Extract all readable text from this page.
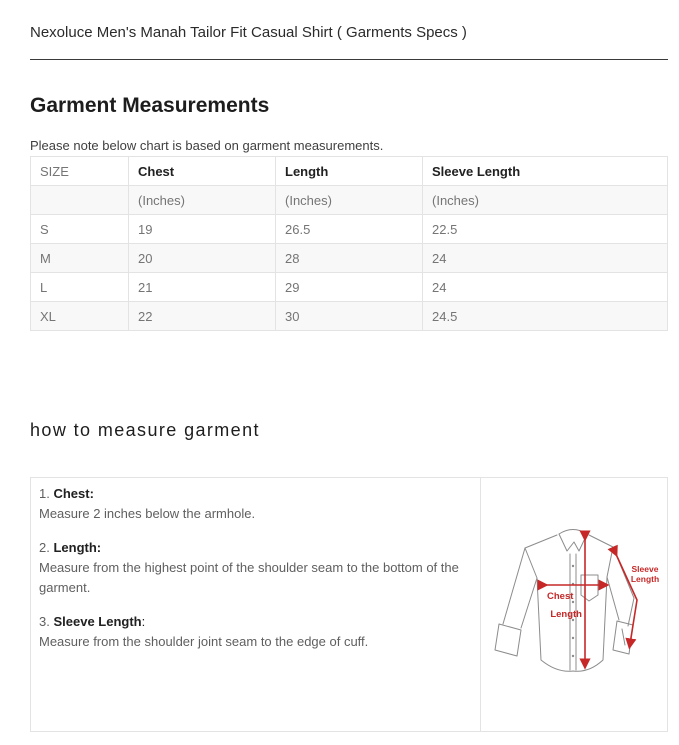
Nexoluce Men's Manah Tailor Fit Casual Shirt ( Garments Specs )
Garment Measurements

Please note below chart is based on garment measurements.

SIZE	Chest	Length	Sleeve Length
	(Inches)	(Inches)	(Inches)
S	19	26.5	22.5
M	20	28	24
L	21	29	24
XL	22	30	24.5
how to measure garment
1. Chest:
Measure 2 inches below the armhole.
2. Length:
Measure from the highest point of the shoulder seam to the bottom of the garment.
3. Sleeve Length:
Measure from the shoulder joint seam to the edge of cuff.
Chest
Length
Sleeve
Length
